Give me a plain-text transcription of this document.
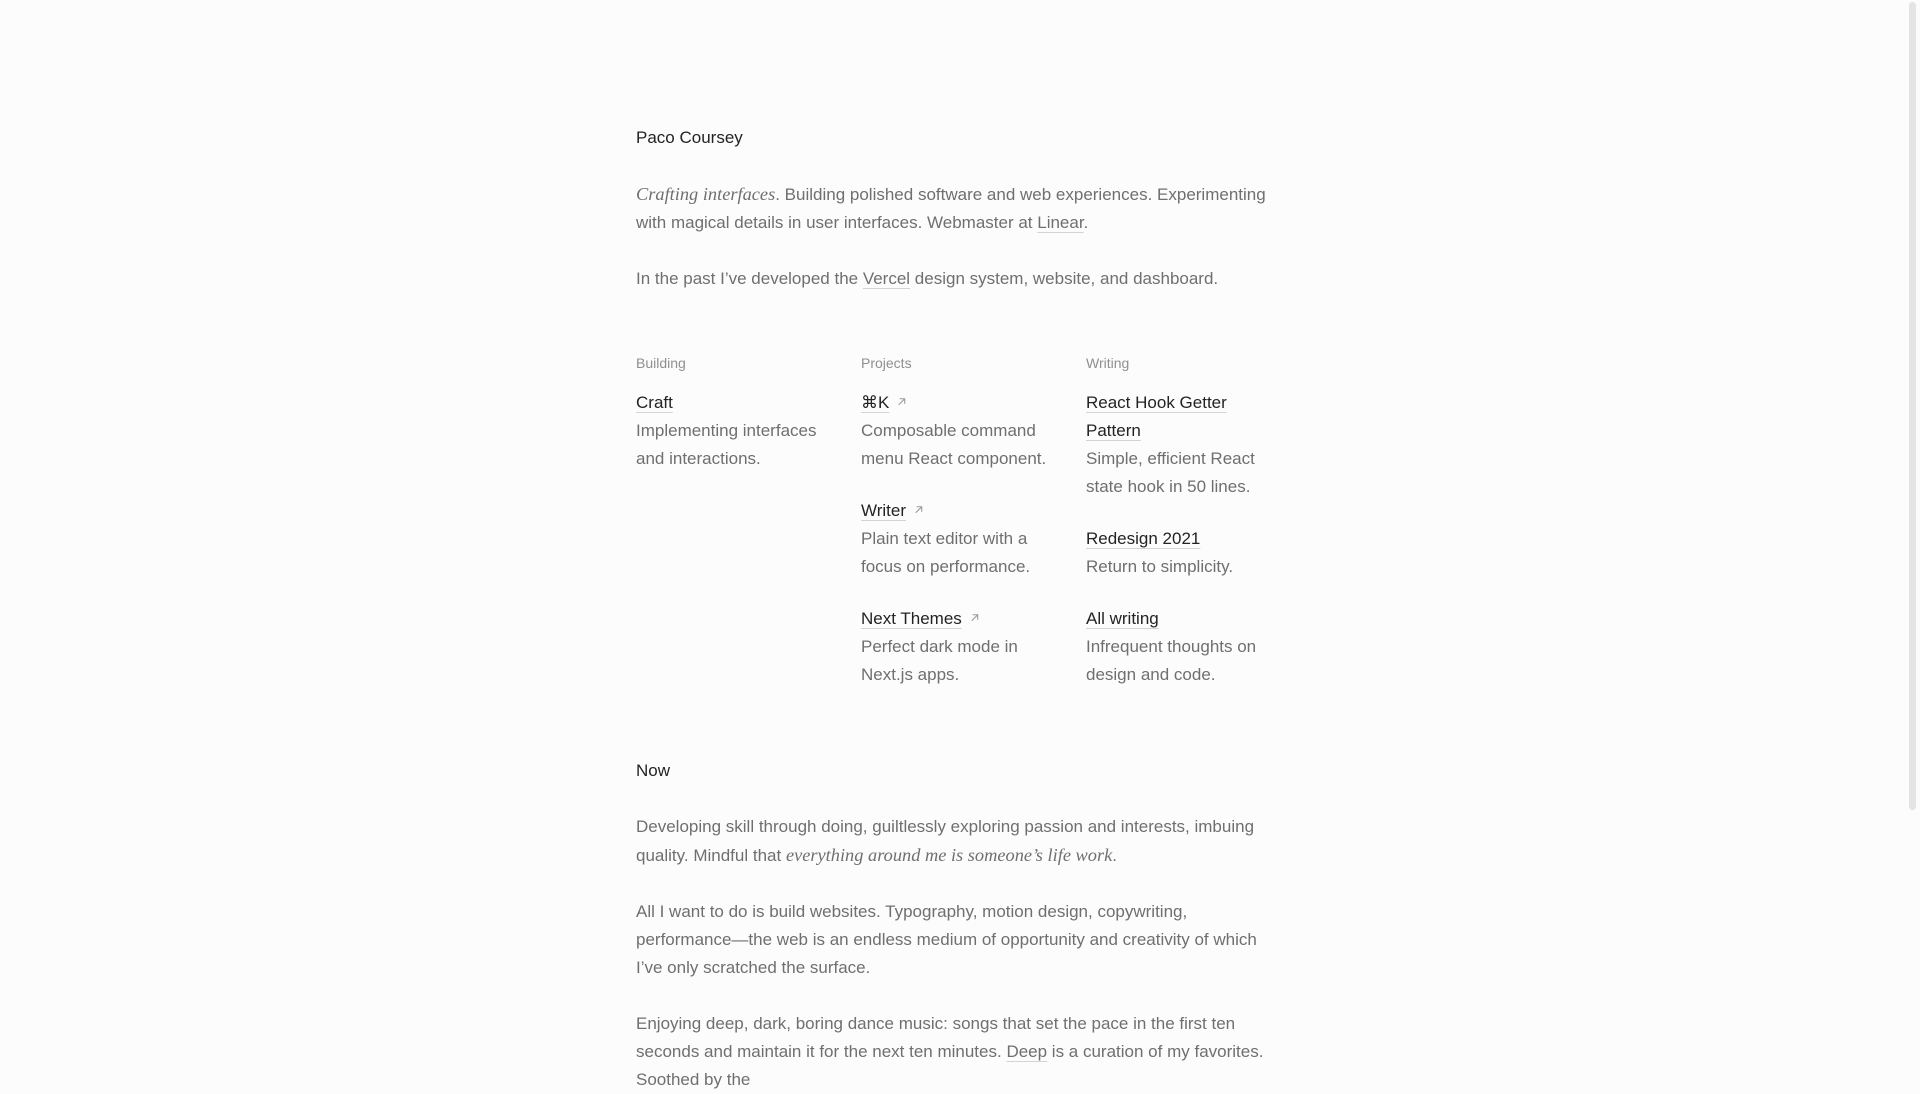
Paco Coursey

Crafting interfaces. Building polished software and web experiences. Experimenting with magical details in user interfaces. Webmaster at Linear.

In the past I’ve developed the Vercel design system, website, and dashboard.

Building
Craft

Implementing interfaces and interactions.

Projects
⌘K

Composable command menu React component.

Writer

Plain text editor with a focus on performance.

Next Themes

Perfect dark mode in Next.js apps.

Writing
React Hook Getter Pattern

Simple, efficient React state hook in 50 lines.

Redesign 2021

Return to simplicity.

All writing

Infrequent thoughts on design and code.

Now

Developing skill through doing, guiltlessly exploring passion and interests, imbuing quality. Mindful that everything around me is someone’s life work.

All I want to do is build websites. Typography, motion design, copywriting, performance—the web is an endless medium of opportunity and creativity of which I’ve only scratched the surface.

Enjoying deep, dark, boring dance music: songs that set the pace in the first ten seconds and maintain it for the next ten minutes. Deep is a curation of my favorites. Soothed by the
